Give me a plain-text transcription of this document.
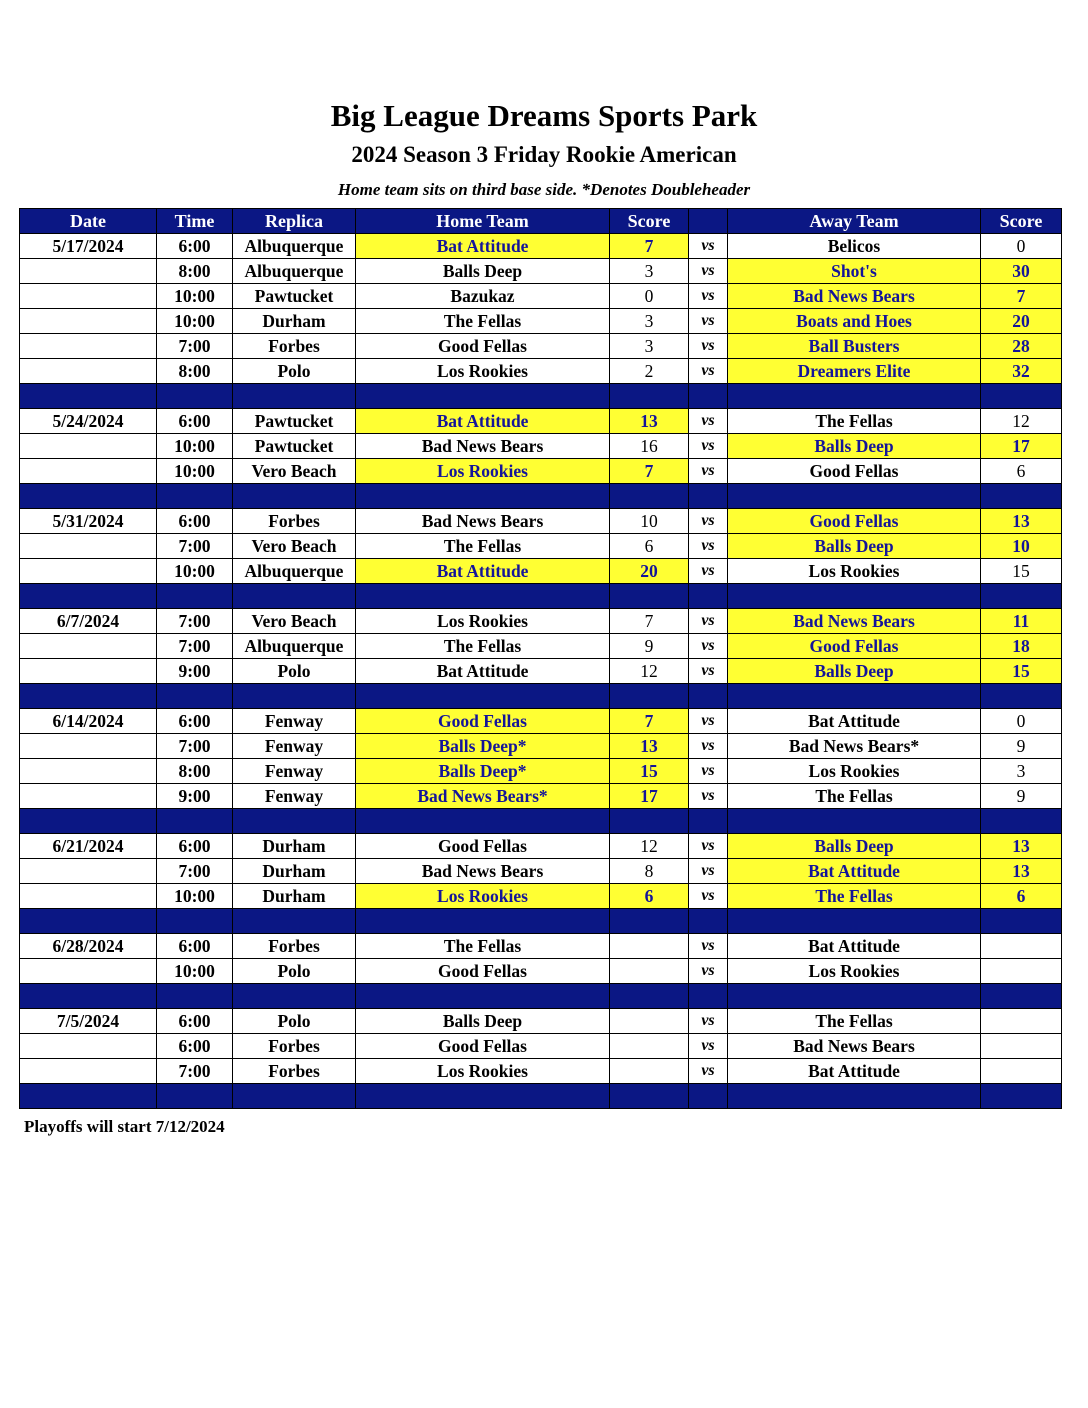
Big League Dreams Sports Park
2024 Season 3 Friday Rookie American
Home team sits on third base side. *Denotes Doubleheader
Date	Time	Replica	Home Team	Score		Away Team	Score
5/17/2024	6:00	Albuquerque	Bat Attitude	7	vs	Belicos	0
	8:00	Albuquerque	Balls Deep	3	vs	Shot's	30
	10:00	Pawtucket	Bazukaz	0	vs	Bad News Bears	7
	10:00	Durham	The Fellas	3	vs	Boats and Hoes	20
	7:00	Forbes	Good Fellas	3	vs	Ball Busters	28
	8:00	Polo	Los Rookies	2	vs	Dreamers Elite	32

5/24/2024	6:00	Pawtucket	Bat Attitude	13	vs	The Fellas	12
	10:00	Pawtucket	Bad News Bears	16	vs	Balls Deep	17
	10:00	Vero Beach	Los Rookies	7	vs	Good Fellas	6

5/31/2024	6:00	Forbes	Bad News Bears	10	vs	Good Fellas	13
	7:00	Vero Beach	The Fellas	6	vs	Balls Deep	10
	10:00	Albuquerque	Bat Attitude	20	vs	Los Rookies	15

6/7/2024	7:00	Vero Beach	Los Rookies	7	vs	Bad News Bears	11
	7:00	Albuquerque	The Fellas	9	vs	Good Fellas	18
	9:00	Polo	Bat Attitude	12	vs	Balls Deep	15

6/14/2024	6:00	Fenway	Good Fellas	7	vs	Bat Attitude	0
	7:00	Fenway	Balls Deep*	13	vs	Bad News Bears*	9
	8:00	Fenway	Balls Deep*	15	vs	Los Rookies	3
	9:00	Fenway	Bad News Bears*	17	vs	The Fellas	9

6/21/2024	6:00	Durham	Good Fellas	12	vs	Balls Deep	13
	7:00	Durham	Bad News Bears	8	vs	Bat Attitude	13
	10:00	Durham	Los Rookies	6	vs	The Fellas	6

6/28/2024	6:00	Forbes	The Fellas		vs	Bat Attitude	
	10:00	Polo	Good Fellas		vs	Los Rookies	

7/5/2024	6:00	Polo	Balls Deep		vs	The Fellas	
	6:00	Forbes	Good Fellas		vs	Bad News Bears	
	7:00	Forbes	Los Rookies		vs	Bat Attitude	

Playoffs will start 7/12/2024
